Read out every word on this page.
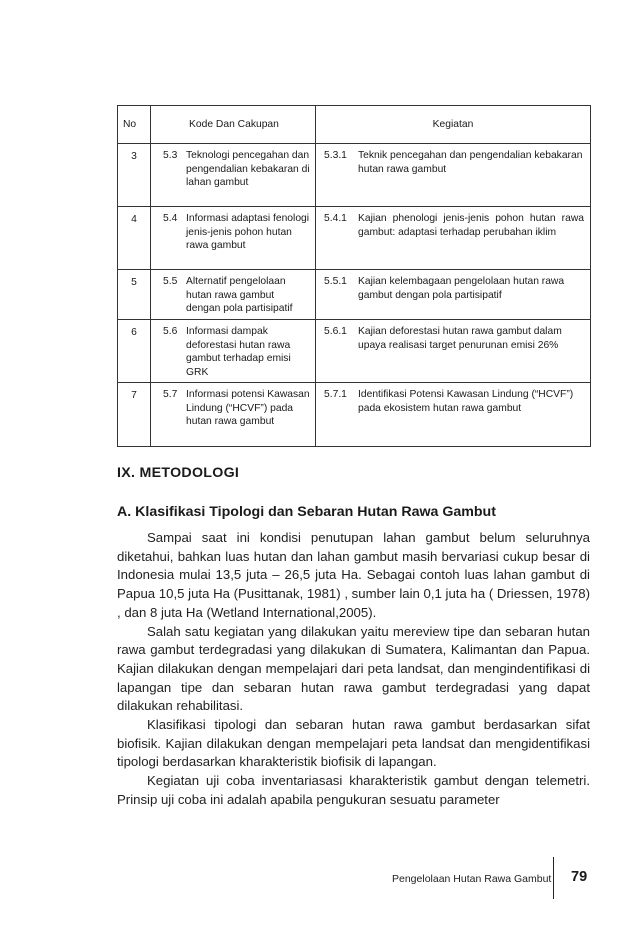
No	Kode Dan Cakupan	Kegiatan
3	5.3 Teknologi pencegahan dan pengendalian kebakaran di lahan gambut	5.3.1 Teknik pencegahan dan pengendalian kebakaran hutan rawa gambut

4	5.4 Informasi adaptasi fenologi jenis-jenis pohon hutan rawa gambut	5.4.1 Kajian phenologi jenis-jenis pohon hutan rawa gambut: adaptasi terhadap perubahan iklim

5	5.5 Alternatif pengelolaan hutan rawa gambut dengan pola partisipatif	5.5.1 Kajian kelembagaan pengelolaan hutan rawa gambut dengan pola partisipatif

6	5.6 Informasi dampak deforestasi hutan rawa gambut terhadap emisi GRK	5.6.1 Kajian deforestasi hutan rawa gambut dalam upaya realisasi target penurunan emisi 26%

7	5.7 Informasi potensi Kawasan Lindung (“HCVF”) pada hutan rawa gambut	5.7.1 Identifikasi Potensi Kawasan Lindung (“HCVF”) pada ekosistem hutan rawa gambut
IX. METODOLOGI
A. Klasifikasi Tipologi dan Sebaran Hutan Rawa Gambut

Sampai saat ini kondisi penutupan lahan gambut belum seluruhnya diketahui, bahkan luas hutan dan lahan gambut masih bervariasi cukup besar di Indonesia mulai 13,5 juta – 26,5 juta Ha. Sebagai contoh luas lahan gambut di Papua 10,5 juta Ha (Pusittanak, 1981) , sumber lain 0,1 juta ha ( Driessen, 1978) , dan 8 juta Ha (Wetland International,2005).

Salah satu kegiatan yang dilakukan yaitu mereview tipe dan sebaran hutan rawa gambut terdegradasi yang dilakukan di Sumatera, Kalimantan dan Papua. Kajian dilakukan dengan mempelajari dari peta landsat, dan mengindentifikasi di lapangan tipe dan sebaran hutan rawa gambut terdegradasi yang dapat dilakukan rehabilitasi.

Klasifikasi tipologi dan sebaran hutan rawa gambut berdasarkan sifat biofisik. Kajian dilakukan dengan mempelajari peta landsat dan mengidentifikasi tipologi berdasarkan kharakteristik biofisik di lapangan.

Kegiatan uji coba inventariasasi kharakteristik gambut dengan telemetri. Prinsip uji coba ini adalah apabila pengukuran sesuatu parameter

Pengelolaan Hutan Rawa Gambut 79
